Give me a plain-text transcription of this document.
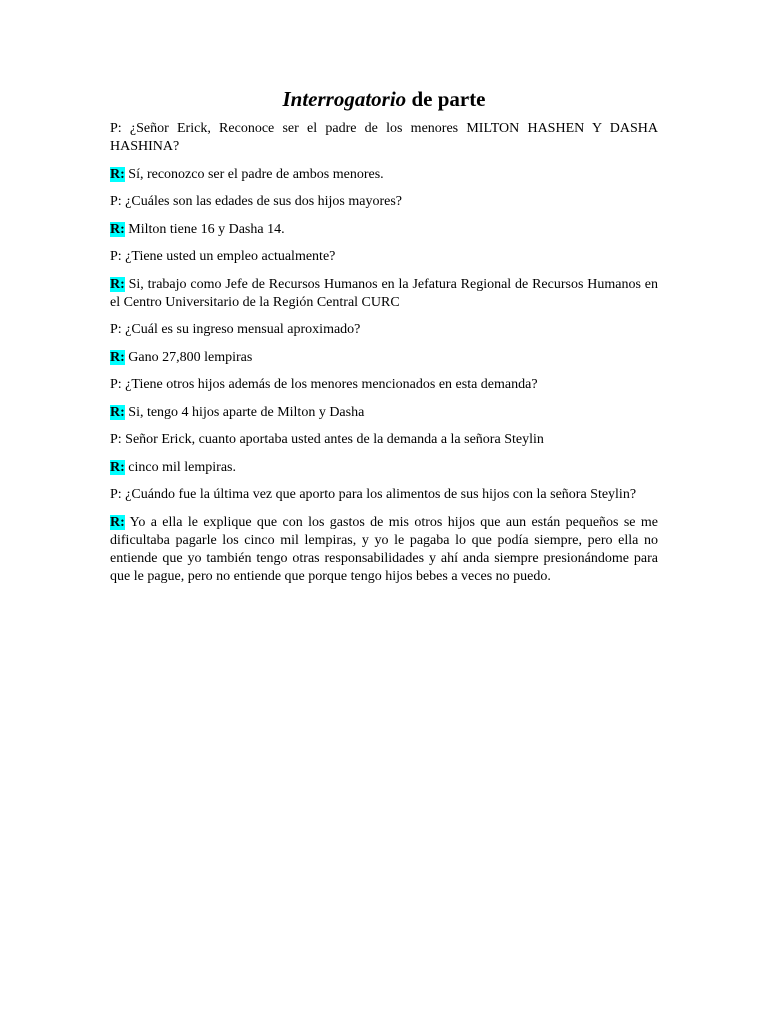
Interrogatorio de parte

P: ¿Señor Erick, Reconoce ser el padre de los menores MILTON HASHEN Y DASHA HASHINA?

R: Sí, reconozco ser el padre de ambos menores.

P: ¿Cuáles son las edades de sus dos hijos mayores?

R: Milton tiene 16 y Dasha 14.

P: ¿Tiene usted un empleo actualmente?

R: Si, trabajo como Jefe de Recursos Humanos en la Jefatura Regional de Recursos Humanos en el Centro Universitario de la Región Central CURC

P: ¿Cuál es su ingreso mensual aproximado?

R: Gano 27,800 lempiras

P: ¿Tiene otros hijos además de los menores mencionados en esta demanda?

R: Si, tengo 4 hijos aparte de Milton y Dasha

P: Señor Erick, cuanto aportaba usted antes de la demanda a la señora Steylin

R: cinco mil lempiras.

P: ¿Cuándo fue la última vez que aporto para los alimentos de sus hijos con la señora Steylin?

R: Yo a ella le explique que con los gastos de mis otros hijos que aun están pequeños se me dificultaba pagarle los cinco mil lempiras, y yo le pagaba lo que podía siempre, pero ella no entiende que yo también tengo otras responsabilidades y ahí anda siempre presionándome para que le pague, pero no entiende que porque tengo hijos bebes a veces no puedo.
